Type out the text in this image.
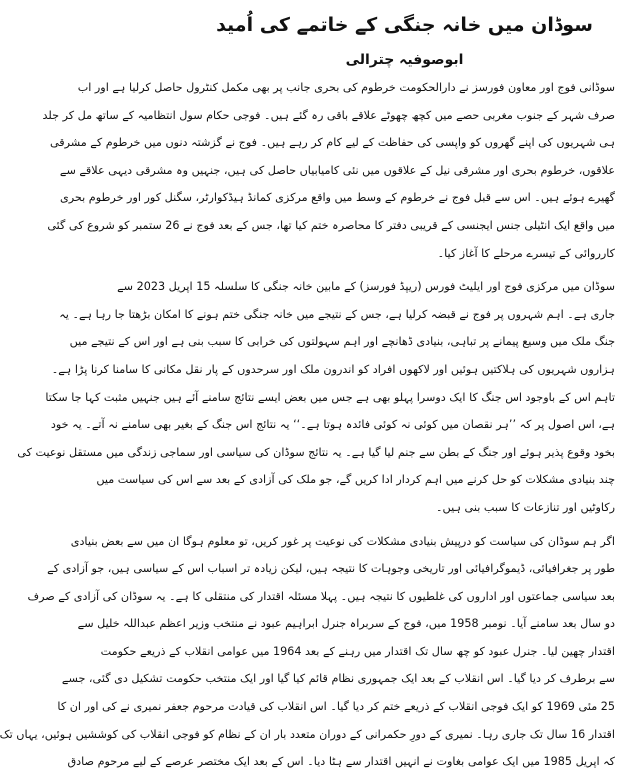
سوڈان میں خانہ جنگی کے خاتمے کی اُمید
ابوصوفیہ چترالی

سوڈانی فوج اور معاون فورسز نے دارالحکومت خرطوم کی بحری جانب پر بھی مکمل کنٹرول حاصل کرلیا ہے اور اب
صرف شہر کے جنوب مغربی حصے میں کچھ چھوٹے علاقے باقی رہ گئے ہیں۔ فوجی حکام سول انتظامیہ کے ساتھ مل کر جلد
ہی شہریوں کی اپنے گھروں کو واپسی کی حفاظت کے لیے کام کر رہے ہیں۔ فوج نے گزشتہ دنوں میں خرطوم کے مشرقی
علاقوں، خرطوم بحری اور مشرقی نیل کے علاقوں میں نئی کامیابیاں حاصل کی ہیں، جنہیں وہ مشرقی دیہی علاقے سے
گھیرے ہوئے ہیں۔ اس سے قبل فوج نے خرطوم کے وسط میں واقع مرکزی کمانڈ ہیڈکوارٹر، سگنل کور اور خرطوم بحری
میں واقع ایک انٹیلی جنس ایجنسی کے قریبی دفتر کا محاصرہ ختم کیا تھا، جس کے بعد فوج نے 26 ستمبر کو شروع کی گئی
کارروائی کے تیسرے مرحلے کا آغاز کیا۔

سوڈان میں مرکزی فوج اور ایلیٹ فورس (ریپڈ فورسز) کے مابین خانہ جنگی کا سلسلہ 15 اپریل 2023 سے
جاری ہے۔ اہم شہروں پر فوج نے قبضہ کرلیا ہے، جس کے نتیجے میں خانہ جنگی ختم ہونے کا امکان بڑھتا جا رہا ہے۔ یہ
جنگ ملک میں وسیع پیمانے پر تباہی، بنیادی ڈھانچے اور اہم سہولتوں کی خرابی کا سبب بنی ہے اور اس کے نتیجے میں
ہزاروں شہریوں کی ہلاکتیں ہوئیں اور لاکھوں افراد کو اندرون ملک اور سرحدوں کے پار نقل مکانی کا سامنا کرنا پڑا ہے۔
تاہم اس کے باوجود اس جنگ کا ایک دوسرا پہلو بھی ہے جس میں بعض ایسے نتائج سامنے آئے ہیں جنہیں مثبت کہا جا سکتا
ہے، اس اصول پر کہ ’’ہر نقصان میں کوئی نہ کوئی فائدہ ہوتا ہے۔‘‘ یہ نتائج اس جنگ کے بغیر بھی سامنے نہ آتے۔ یہ خود
بخود وقوع پذیر ہوئے اور جنگ کے بطن سے جنم لیا گیا ہے۔ یہ نتائج سوڈان کی سیاسی اور سماجی زندگی میں مستقل نوعیت کی
چند بنیادی مشکلات کو حل کرنے میں اہم کردار ادا کریں گے، جو ملک کی آزادی کے بعد سے اس کی سیاست میں
رکاوٹیں اور تنازعات کا سبب بنی ہیں۔

اگر ہم سوڈان کی سیاست کو درپیش بنیادی مشکلات کی نوعیت پر غور کریں، تو معلوم ہوگا ان میں سے بعض بنیادی
طور پر جغرافیائی، ڈیموگرافیائی اور تاریخی وجوہات کا نتیجہ ہیں، لیکن زیادہ تر اسباب اس کے سیاسی ہیں، جو آزادی کے
بعد سیاسی جماعتوں اور اداروں کی غلطیوں کا نتیجہ ہیں۔ پہلا مسئلہ اقتدار کی منتقلی کا ہے۔ یہ سوڈان کی آزادی کے صرف
دو سال بعد سامنے آیا۔ نومبر 1958 میں، فوج کے سربراہ جنرل ابراہیم عبود نے منتخب وزیر اعظم عبداللہ خلیل سے
اقتدار چھین لیا۔ جنرل عبود کو چھ سال تک اقتدار میں رہنے کے بعد 1964 میں عوامی انقلاب کے ذریعے حکومت
سے برطرف کر دیا گیا۔ اس انقلاب کے بعد ایک جمہوری نظام قائم کیا گیا اور ایک منتخب حکومت تشکیل دی گئی، جسے
25 مئی 1969 کو ایک فوجی انقلاب کے ذریعے ختم کر دیا گیا۔ اس انقلاب کی قیادت مرحوم جعفر نمیری نے کی اور ان کا
اقتدار 16 سال تک جاری رہا۔ نمیری کے دورِ حکمرانی کے دوران متعدد بار ان کے نظام کو فوجی انقلاب کی کوششیں ہوئیں، یہاں تک
کہ اپریل 1985 میں ایک عوامی بغاوت نے انہیں اقتدار سے ہٹا دیا۔ اس کے بعد ایک مختصر عرصے کے لیے مرحوم صادق
